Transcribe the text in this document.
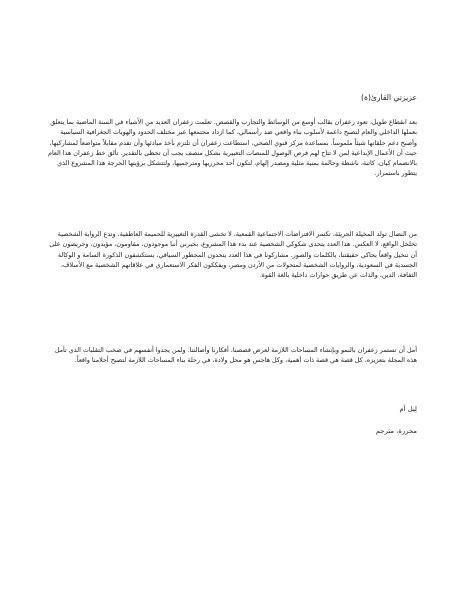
عزيزتي القارئ(ة)

بعد انقطاع طويل، تعود زعفران بقالب أوسع من الوسائط والتجارب والقصص. تعلمت زعفران العديد من الأشياء في السنة الماضية بما يتعلق بعملها الداخلي والعام لتصبح داعمة لأسلوب بناء واقعي ضد رأسمالي، كما ازداد مجتمعها عبر مختلف الحدود والهويات الجغرافية السياسية وأصبح دعم حلقاتها شيئاً ملموساً. بمساعدة مركز فنوي الصحي، استطاعت زعفران أن تلتزم بأخذ مبادئها وأن تقدم مقابلاً متواضعاً لمشاركيها، حيث أن الأعمال الإبداعية لمن لا تتاح لهم فرص الوصول للمنصات التعبيرية بشكل منصف يجب أن تحظى بالتقدير. تألق خط زعفران هذا العام بالانضمام كيان، كاتبة، ناشطة وحالمة يمنية مثلية ومصدر إلهام، لتكون أحد محرريها ومترجميها، ولتتشكل برؤيتها الحرجة هذا المشروع الذي يتطور باستمرار.

من النضال تولد المخيلة الجريئة، تكسر الافتراضات الاجتماعية القمعية، لا تخشى القدرة التغييرية للحميمة العاطفية، وتدع الرواية الشخصية تخلخل الواقع، لا العكس. هذا العدد يتحدى شكوكي الشخصية عند بدء هذا المشروع، بخبرني أننا موجودون، مقاومون، مؤيدون، وحريصون على أن نتخيل واقعاً يحاكي حقيقتنا، بالكلمات والصور. مشاركونا في هذا العدد يتحدون المحظور السياقي، يستكشفون الذكورة السامة و الوكالة الجسدية في السعودية، والروايات الشخصية لمتحولات من الأردن ومصر، ويفككون الفكر الاستعماري في علاقاتهم الشخصية مع الأسلاف، الثقافة، الدين، والذات عن طريق حوارات داخلية بالغة القوة.

أمل أن تستمر زعفران بالنمو وبإنشاء المساحات اللازمة لعرض قصصنا، أفكارنا وأصالتنا. ولمن يجدوا أنفسهم في صخب التقلبات الذي تأمل هذه المجلة بتعزيزه، كل قصة هي قصة ذات أهمية، وكل هاجس هو محل ولادة، في رحلة بناء المساحات اللازمة لتصبح أحلامنا واقعاً.

لِيل آم

محررة، مترجم
